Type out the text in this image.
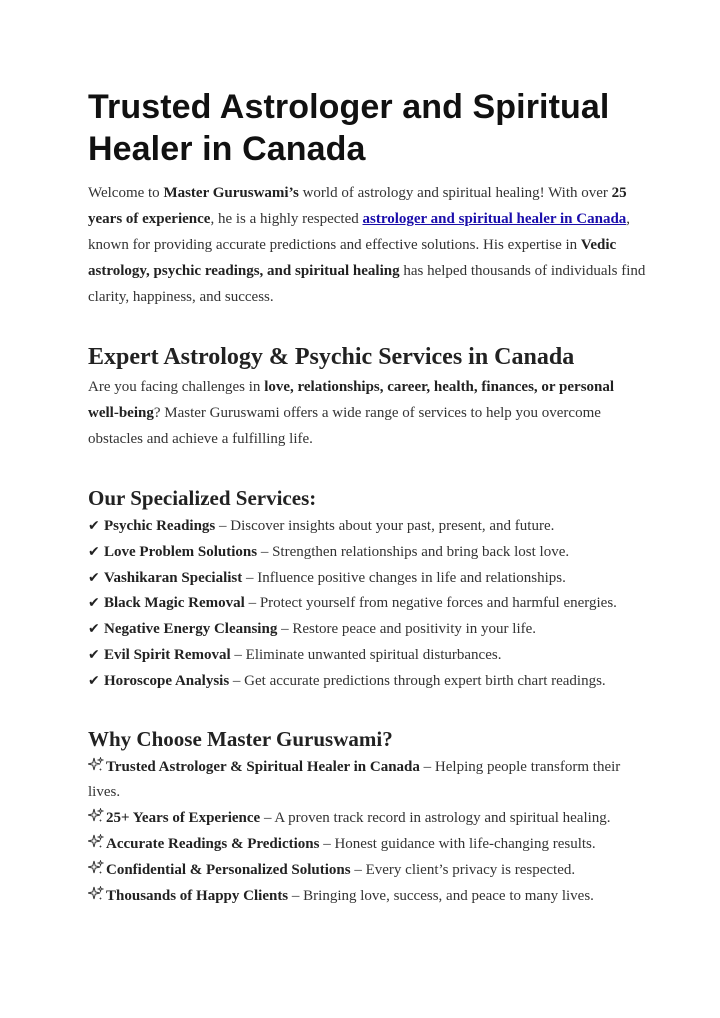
Trusted Astrologer and Spiritual Healer in Canada

Welcome to Master Guruswami’s world of astrology and spiritual healing! With over 25 years of experience, he is a highly respected astrologer and spiritual healer in Canada, known for providing accurate predictions and effective solutions. His expertise in Vedic astrology, psychic readings, and spiritual healing has helped thousands of individuals find clarity, happiness, and success.

Expert Astrology & Psychic Services in Canada

Are you facing challenges in love, relationships, career, health, finances, or personal well-being? Master Guruswami offers a wide range of services to help you overcome obstacles and achieve a fulfilling life.

Our Specialized Services:
✔ Psychic Readings – Discover insights about your past, present, and future.
✔ Love Problem Solutions – Strengthen relationships and bring back lost love.
✔ Vashikaran Specialist – Influence positive changes in life and relationships.
✔ Black Magic Removal – Protect yourself from negative forces and harmful energies.
✔ Negative Energy Cleansing – Restore peace and positivity in your life.
✔ Evil Spirit Removal – Eliminate unwanted spiritual disturbances.
✔ Horoscope Analysis – Get accurate predictions through expert birth chart readings.
Why Choose Master Guruswami?
Trusted Astrologer & Spiritual Healer in Canada – Helping people transform their lives.
25+ Years of Experience – A proven track record in astrology and spiritual healing.
Accurate Readings & Predictions – Honest guidance with life-changing results.
Confidential & Personalized Solutions – Every client’s privacy is respected.
Thousands of Happy Clients – Bringing love, success, and peace to many lives.
